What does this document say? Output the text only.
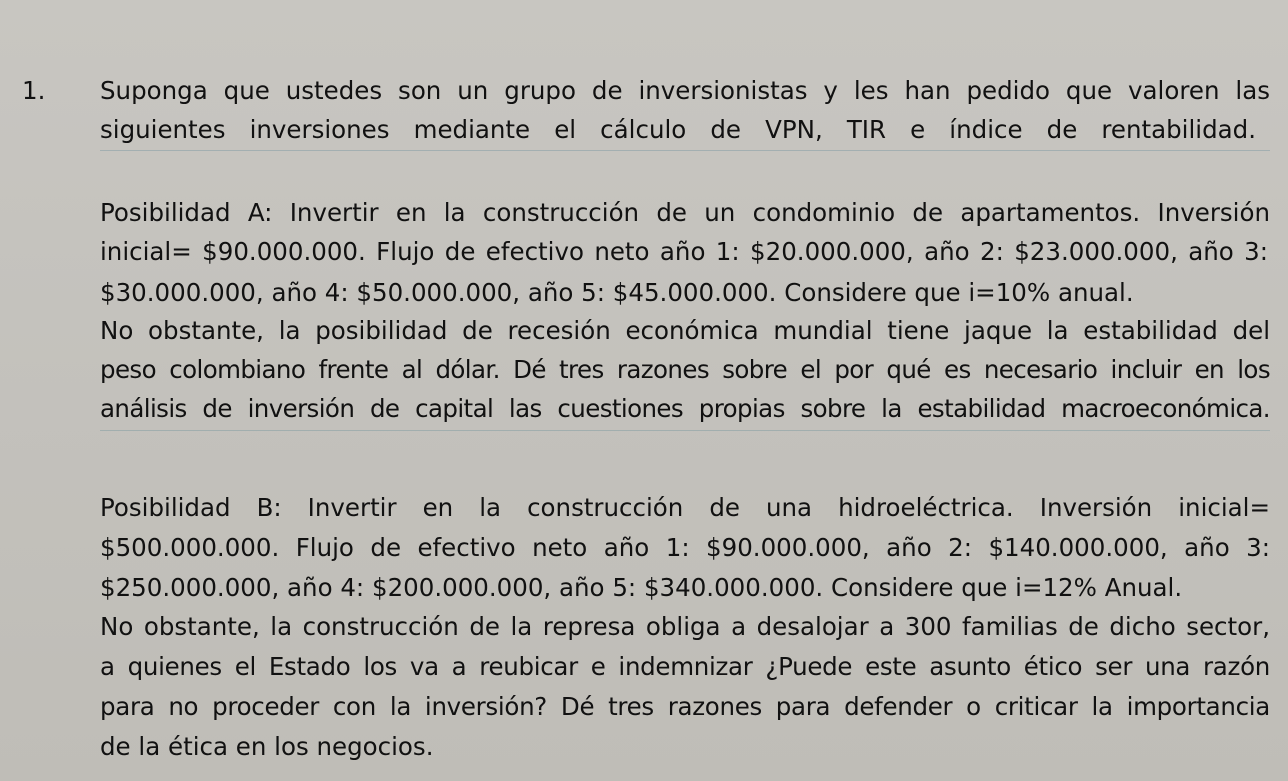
1. Suponga que ustedes son un grupo de inversionistas y les han pedido que valoren las
siguientes inversiones mediante el cálculo de VPN, TIR e índice de rentabilidad.
Posibilidad A: Invertir en la construcción de un condominio de apartamentos. Inversión
inicial= $90.000.000. Flujo de efectivo neto año 1: $20.000.000, año 2: $23.000.000, año 3:
$30.000.000, año 4: $50.000.000, año 5: $45.000.000. Considere que i=10% anual.
No obstante, la posibilidad de recesión económica mundial tiene jaque la estabilidad del
peso colombiano frente al dólar. Dé tres razones sobre el por qué es necesario incluir en los
análisis de inversión de capital las cuestiones propias sobre la estabilidad macroeconómica.
Posibilidad B: Invertir en la construcción de una hidroeléctrica. Inversión inicial=
$500.000.000. Flujo de efectivo neto año 1: $90.000.000, año 2: $140.000.000, año 3:
$250.000.000, año 4: $200.000.000, año 5: $340.000.000. Considere que i=12% Anual.
No obstante, la construcción de la represa obliga a desalojar a 300 familias de dicho sector,
a quienes el Estado los va a reubicar e indemnizar ¿Puede este asunto ético ser una razón
para no proceder con la inversión? Dé tres razones para defender o criticar la importancia
de la ética en los negocios.
